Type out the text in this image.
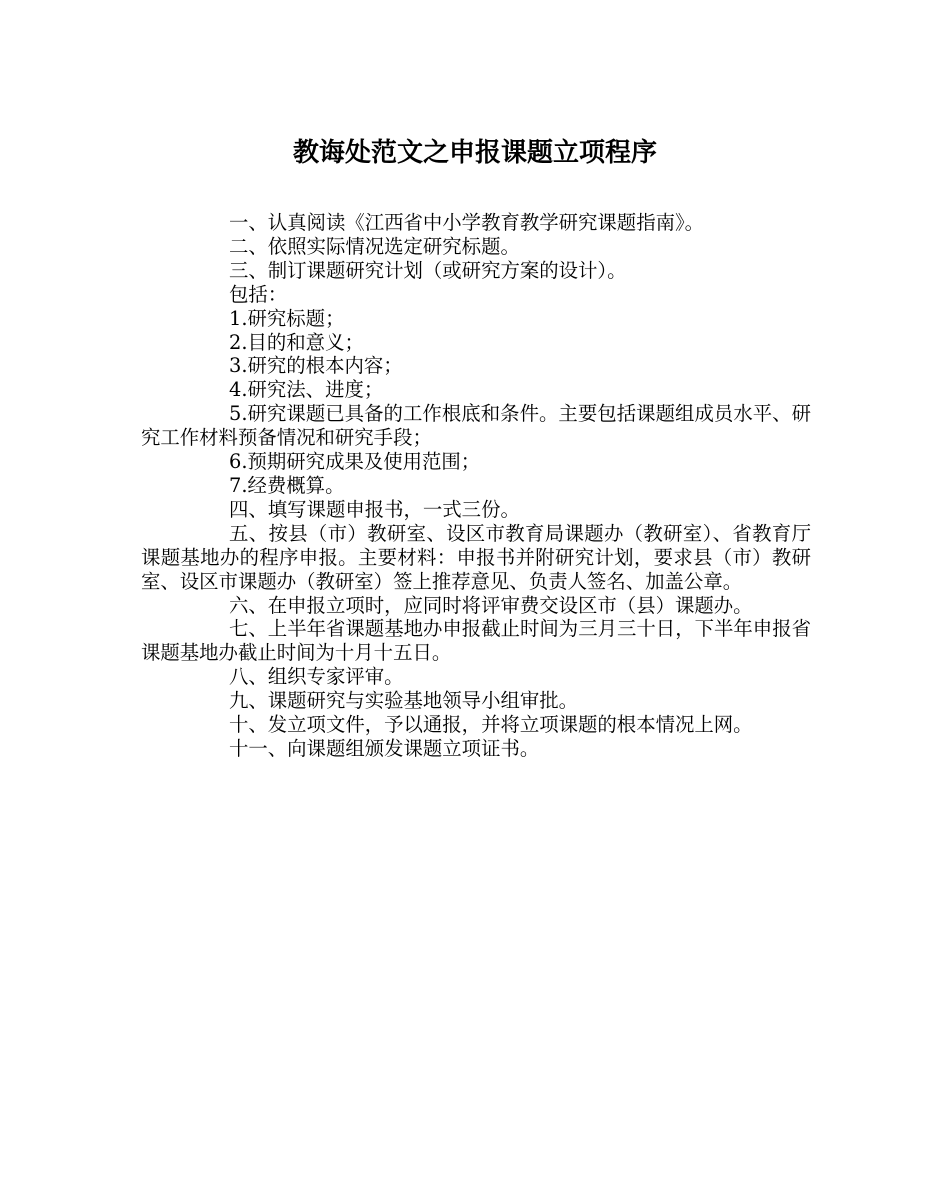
教诲处范文之申报课题立项程序

一、认真阅读《江西省中小学教育教学研究课题指南》。

二、依照实际情况选定研究标题。

三、制订课题研究计划（或研究方案的设计）。

包括：

1.研究标题；

2.目的和意义；

3.研究的根本内容；

4.研究法、进度；

5.研究课题已具备的工作根底和条件。主要包括课题组成员水平、研究工作材料预备情况和研究手段；

6.预期研究成果及使用范围；

7.经费概算。

四、填写课题申报书，一式三份。

五、按县（市）教研室、设区市教育局课题办（教研室）、省教育厅课题基地办的程序申报。主要材料：申报书并附研究计划，要求县（市）教研室、设区市课题办（教研室）签上推荐意见、负责人签名、加盖公章。

六、在申报立项时，应同时将评审费交设区市（县）课题办。

七、上半年省课题基地办申报截止时间为三月三十日，下半年申报省课题基地办截止时间为十月十五日。

八、组织专家评审。

九、课题研究与实验基地领导小组审批。

十、发立项文件，予以通报，并将立项课题的根本情况上网。

十一、向课题组颁发课题立项证书。
